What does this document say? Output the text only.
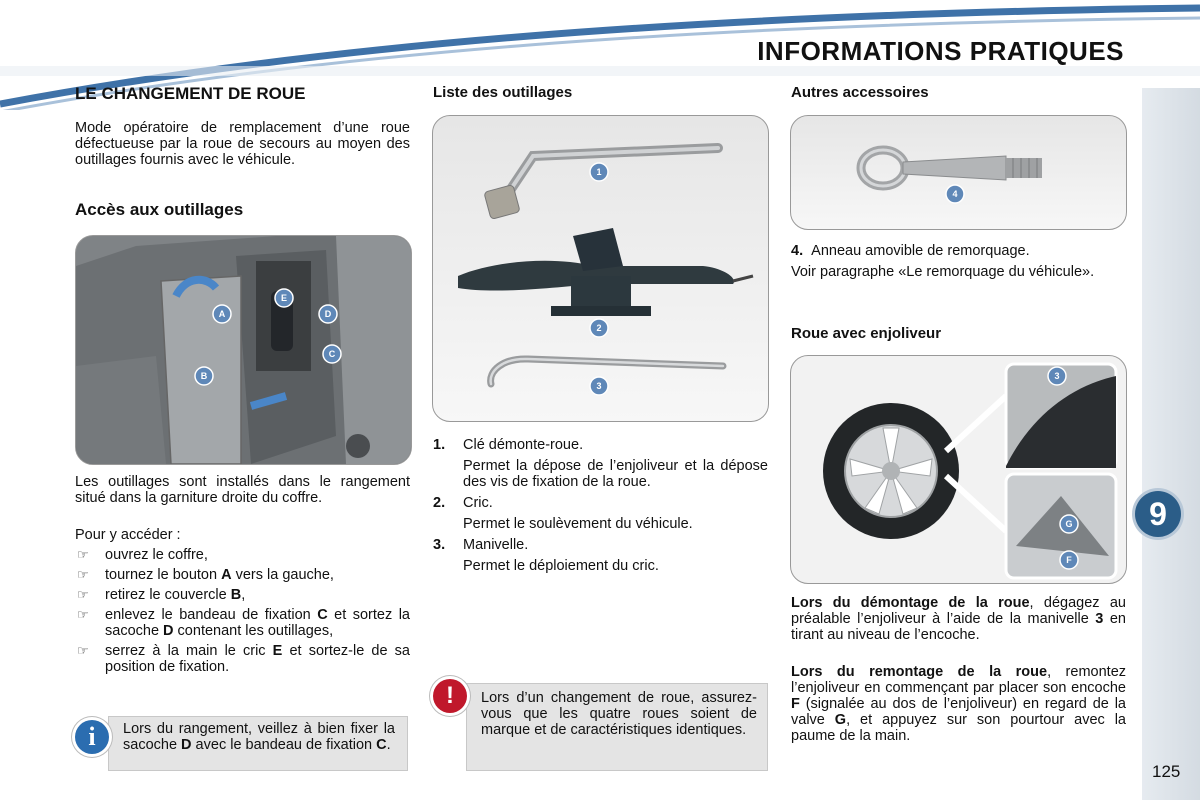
INFORMATIONS PRATIQUES
9
125
LE CHANGEMENT DE ROUE

Mode opératoire de remplacement d’une roue défectueuse par la roue de secours au moyen des outillages fournis avec le véhicule.

Accès aux outillages
A
B
C
D
E

Les outillages sont installés dans le rangement situé dans la garniture droite du coffre.

Pour y accéder :

☞ ouvrez le coffre,
☞ tournez le bouton A vers la gauche,
☞ retirez le couvercle B,
☞ enlevez le bandeau de fixation C et sortez la sacoche D contenant les outillages,
☞ serrez à la main le cric E et sortez-le de sa position de fixation.
Lors du rangement, veillez à bien fixer la sacoche D avec le bandeau de fixation C.
i
Liste des outillages
1
2
3
1. Clé démonte-roue.
Permet la dépose de l’enjoliveur et la dépose des vis de fixation de la roue.
2. Cric.
Permet le soulèvement du véhicule.
3. Manivelle.
Permet le déploiement du cric.
Lors d’un changement de roue, assurez-vous que les quatre roues soient de marque et de caractéristiques identiques.
!
Autres accessoires
4

4. Anneau amovible de remorquage.

Voir paragraphe «Le remorquage du véhicule».

Roue avec enjoliveur
3
G
F

Lors du démontage de la roue, dégagez au préalable l’enjoliveur à l’aide de la manivelle 3 en tirant au niveau de l’encoche.

Lors du remontage de la roue, remontez l’enjoliveur en commençant par placer son encoche F (signalée au dos de l’enjoliveur) en regard de la valve G, et appuyez sur son pourtour avec la paume de la main.
